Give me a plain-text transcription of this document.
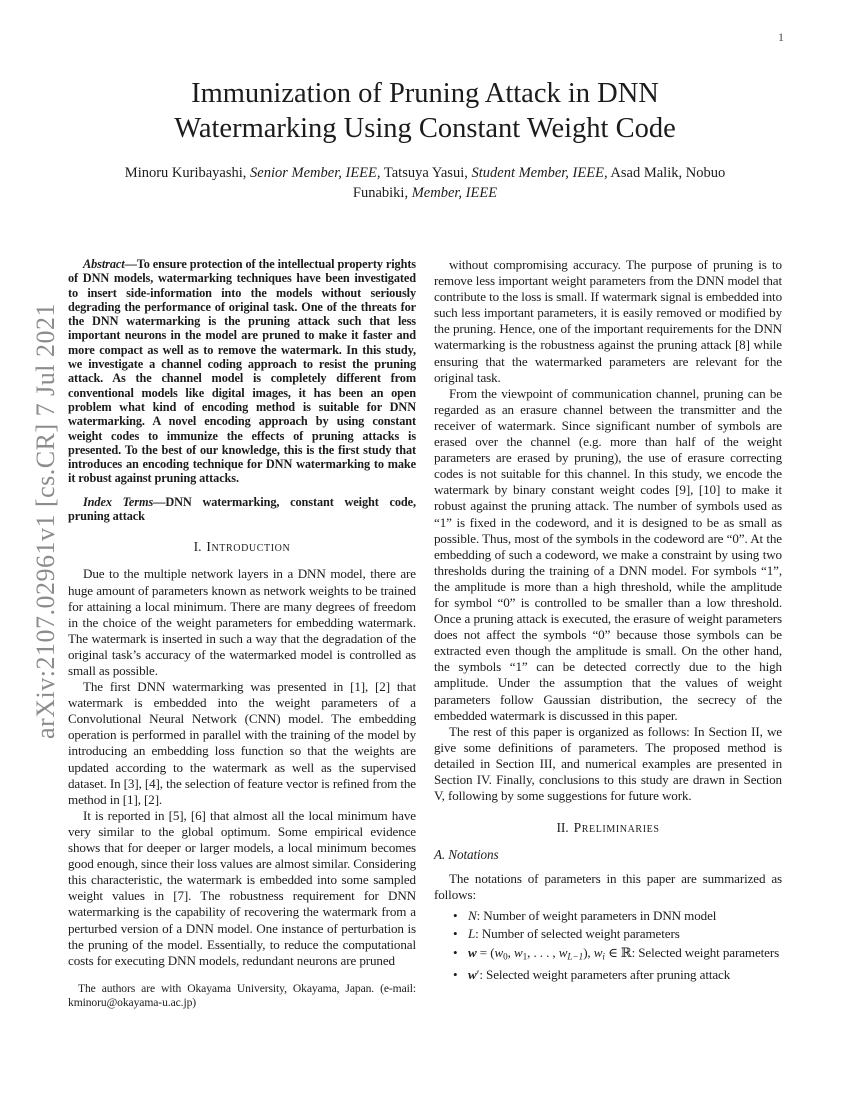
1
arXiv:2107.02961v1 [cs.CR] 7 Jul 2021
Immunization of Pruning Attack in DNN
Watermarking Using Constant Weight Code
Minoru Kuribayashi, Senior Member, IEEE, Tatsuya Yasui, Student Member, IEEE, Asad Malik, Nobuo
Funabiki, Member, IEEE

Abstract—To ensure protection of the intellectual property rights of DNN models, watermarking techniques have been investigated to insert side-information into the models without seriously degrading the performance of original task. One of the threats for the DNN watermarking is the pruning attack such that less important neurons in the model are pruned to make it faster and more compact as well as to remove the watermark. In this study, we investigate a channel coding approach to resist the pruning attack. As the channel model is completely different from conventional models like digital images, it has been an open problem what kind of encoding method is suitable for DNN watermarking. A novel encoding approach by using constant weight codes to immunize the effects of pruning attacks is presented. To the best of our knowledge, this is the first study that introduces an encoding technique for DNN watermarking to make it robust against pruning attacks.

Index Terms—DNN watermarking, constant weight code, pruning attack

I. Introduction

Due to the multiple network layers in a DNN model, there are huge amount of parameters known as network weights to be trained for attaining a local minimum. There are many degrees of freedom in the choice of the weight parameters for embedding watermark. The watermark is inserted in such a way that the degradation of the original task’s accuracy of the watermarked model is controlled as small as possible.

The first DNN watermarking was presented in [1], [2] that watermark is embedded into the weight parameters of a Convolutional Neural Network (CNN) model. The embedding operation is performed in parallel with the training of the model by introducing an embedding loss function so that the weights are updated according to the watermark as well as the supervised dataset. In [3], [4], the selection of feature vector is refined from the method in [1], [2].

It is reported in [5], [6] that almost all the local minimum have very similar to the global optimum. Some empirical evidence shows that for deeper or larger models, a local minimum becomes good enough, since their loss values are almost similar. Considering this characteristic, the watermark is embedded into some sampled weight values in [7]. The robustness requirement for DNN watermarking is the capability of recovering the watermark from a perturbed version of a DNN model. One instance of perturbation is the pruning of the model. Essentially, to reduce the computational costs for executing DNN models, redundant neurons are pruned

The authors are with Okayama University, Okayama, Japan. (e-mail: kminoru@okayama-u.ac.jp)

without compromising accuracy. The purpose of pruning is to remove less important weight parameters from the DNN model that contribute to the loss is small. If watermark signal is embedded into such less important parameters, it is easily removed or modified by the pruning. Hence, one of the important requirements for the DNN watermarking is the robustness against the pruning attack [8] while ensuring that the watermarked parameters are relevant for the original task.

From the viewpoint of communication channel, pruning can be regarded as an erasure channel between the transmitter and the receiver of watermark. Since significant number of symbols are erased over the channel (e.g. more than half of the weight parameters are erased by pruning), the use of erasure correcting codes is not suitable for this channel. In this study, we encode the watermark by binary constant weight codes [9], [10] to make it robust against the pruning attack. The number of symbols used as “1” is fixed in the codeword, and it is designed to be as small as possible. Thus, most of the symbols in the codeword are “0”. At the embedding of such a codeword, we make a constraint by using two thresholds during the training of a DNN model. For symbols “1”, the amplitude is more than a high threshold, while the amplitude for symbol “0” is controlled to be smaller than a low threshold. Once a pruning attack is executed, the erasure of weight parameters does not affect the symbols “0” because those symbols can be extracted even though the amplitude is small. On the other hand, the symbols “1” can be detected correctly due to the high amplitude. Under the assumption that the values of weight parameters follow Gaussian distribution, the secrecy of the embedded watermark is discussed in this paper.

The rest of this paper is organized as follows: In Section II, we give some definitions of parameters. The proposed method is detailed in Section III, and numerical examples are presented in Section IV. Finally, conclusions to this study are drawn in Section V, following by some suggestions for future work.

II. Preliminaries
A. Notations

The notations of parameters in this paper are summarized as follows:

• N: Number of weight parameters in DNN model
• L: Number of selected weight parameters
• w = (w0, w1, . . . , wL−1), wi ∈ ℝ: Selected weight parameters
• w′: Selected weight parameters after pruning attack
